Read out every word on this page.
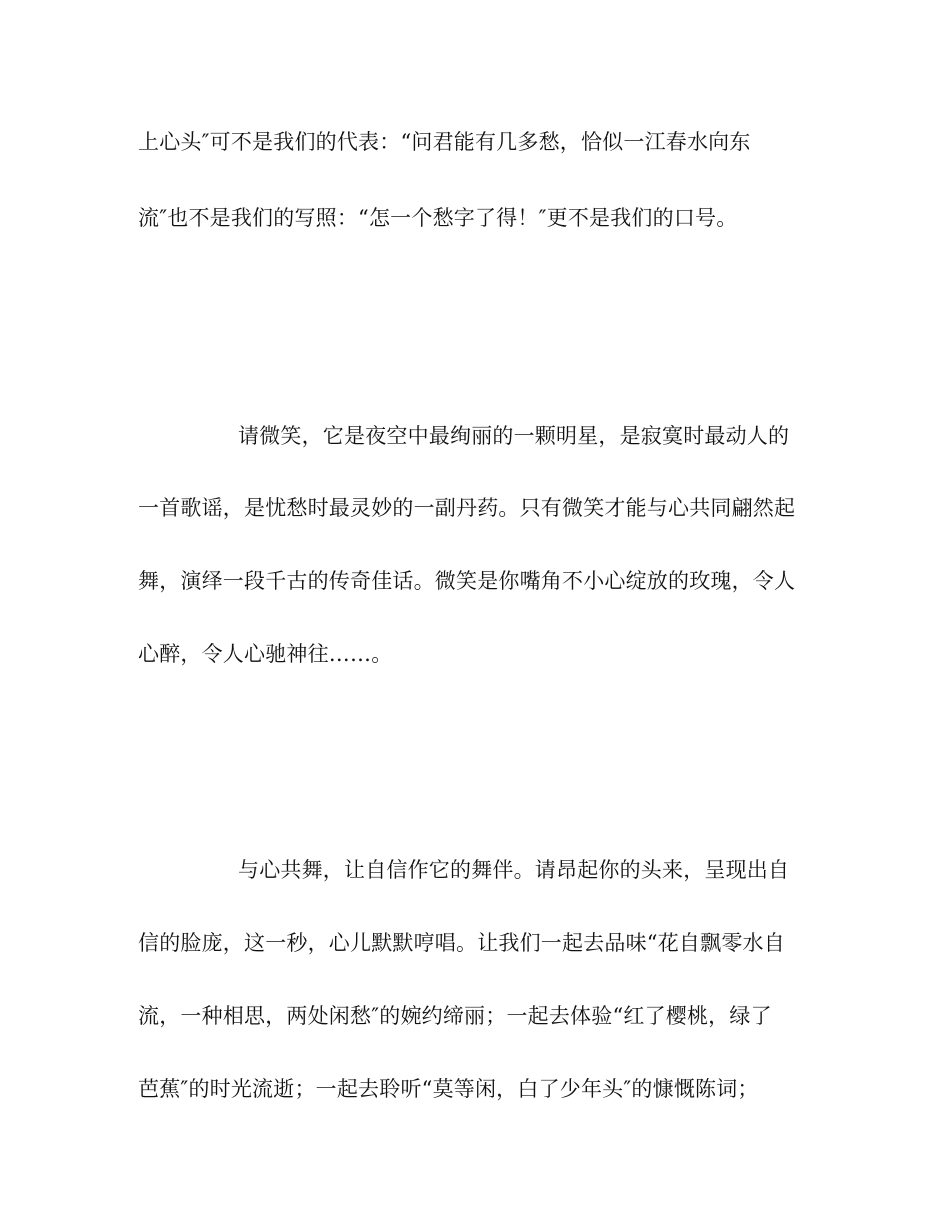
上心头″可不是我们的代表：“问君能有几多愁，恰似一江春水向东
流″也不是我们的写照：“怎一个愁字了得！″更不是我们的口号。
请微笑，它是夜空中最绚丽的一颗明星，是寂寞时最动人的
一首歌谣，是忧愁时最灵妙的一副丹药。只有微笑才能与心共同翩然起
舞，演绎一段千古的传奇佳话。微笑是你嘴角不小心绽放的玫瑰，令人
心醉，令人心驰神往……。
与心共舞，让自信作它的舞伴。请昂起你的头来，呈现出自
信的脸庞，这一秒，心儿默默哼唱。让我们一起去品味“花自飘零水自
流，一种相思，两处闲愁″的婉约缔丽；一起去体验“红了樱桃，绿了
芭蕉″的时光流逝；一起去聆听“莫等闲，白了少年头″的慷慨陈词；
